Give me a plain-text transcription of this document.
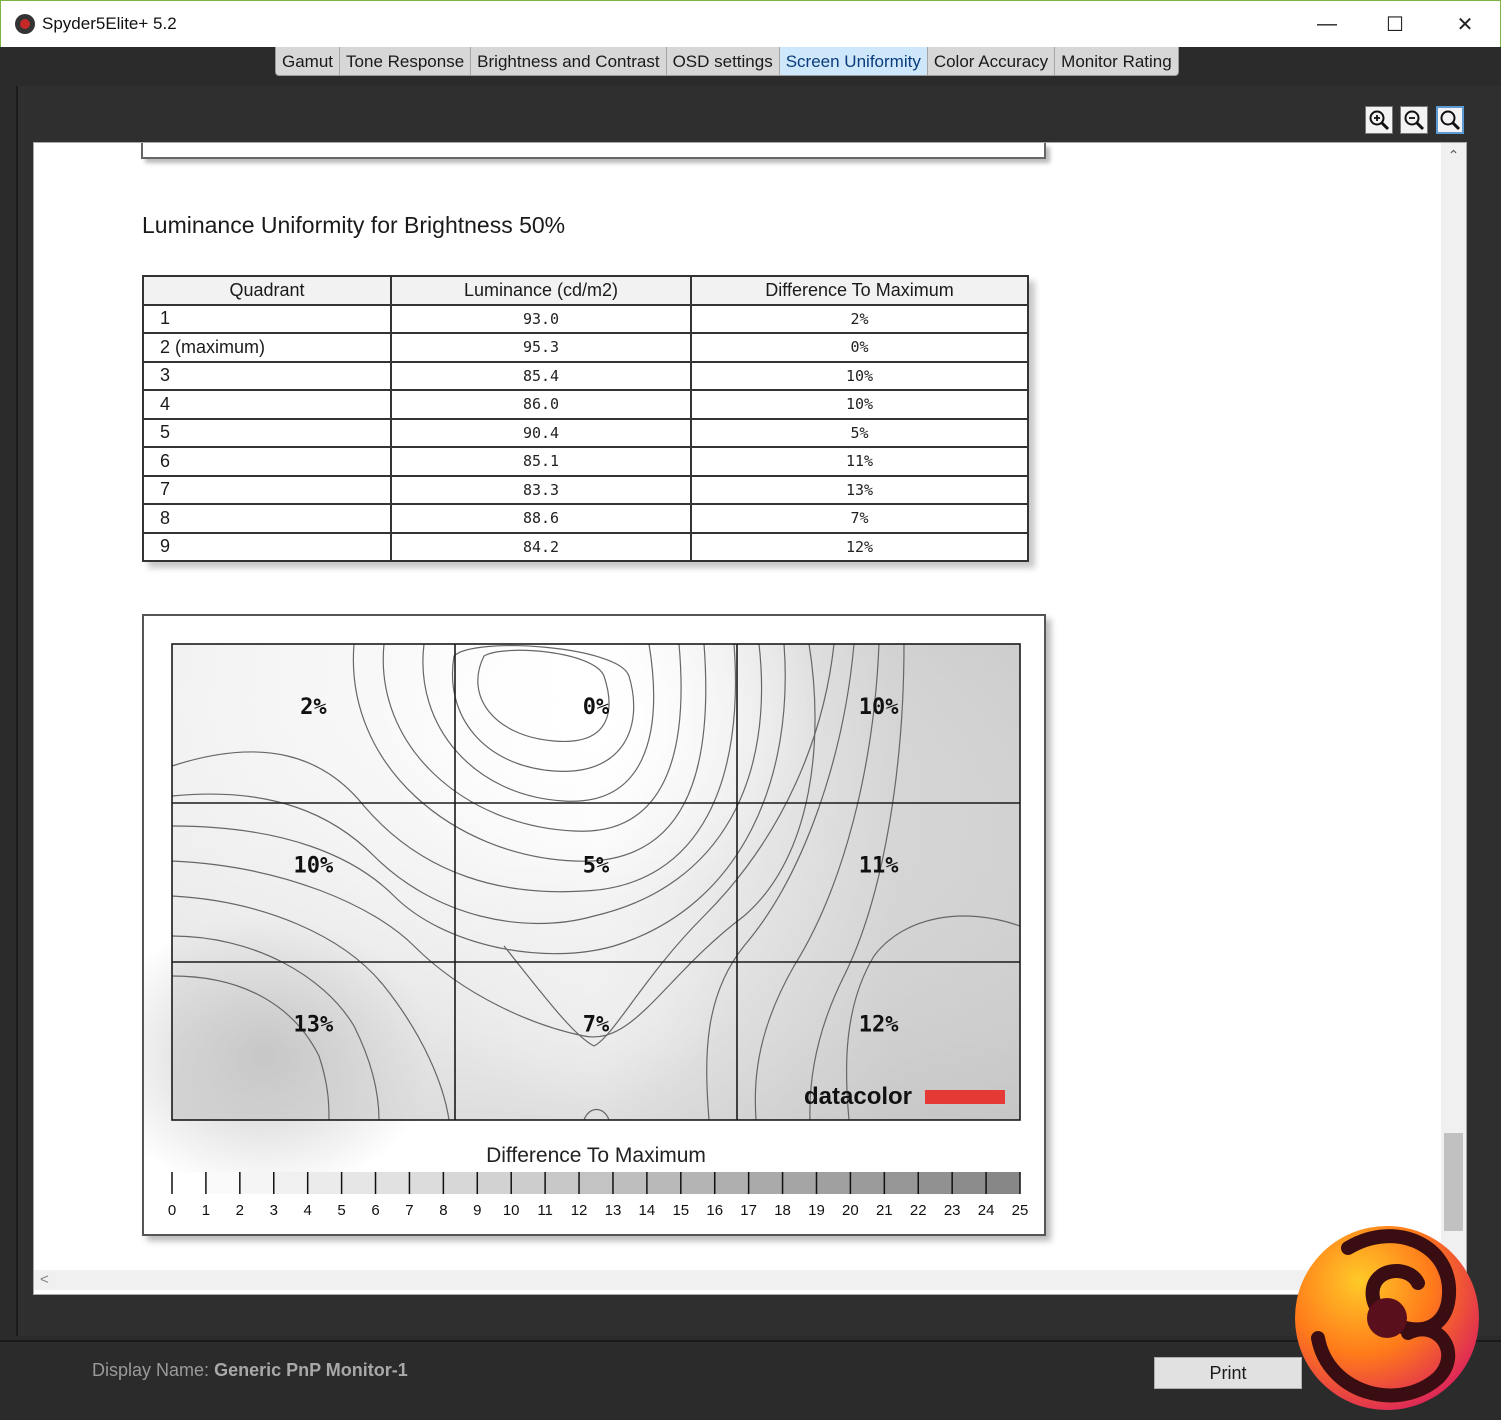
Spyder5Elite+ 5.2	—	☐	✕
Gamut Tone Response Brightness and Contrast OSD settings Screen Uniformity Color Accuracy Monitor Rating
⌃
<
Luminance Uniformity for Brightness 50%
Quadrant	Luminance (cd/m2)	Difference To Maximum
1	93.0	2%
2 (maximum)	95.3	0%
3	85.4	10%
4	86.0	10%
5	90.4	5%
6	85.1	11%
7	83.3	13%
8	88.6	7%
9	84.2	12%
2%	0%	10%
10%	5%	11%
13%	7%	12%
datacolor
Difference To Maximum
0 1 2 3 4 5 6 7 8 9 10 11 12 13 14 15 16 17 18 19 20 21 22 23 24 25
Display Name: Generic PnP Monitor-1	Print
